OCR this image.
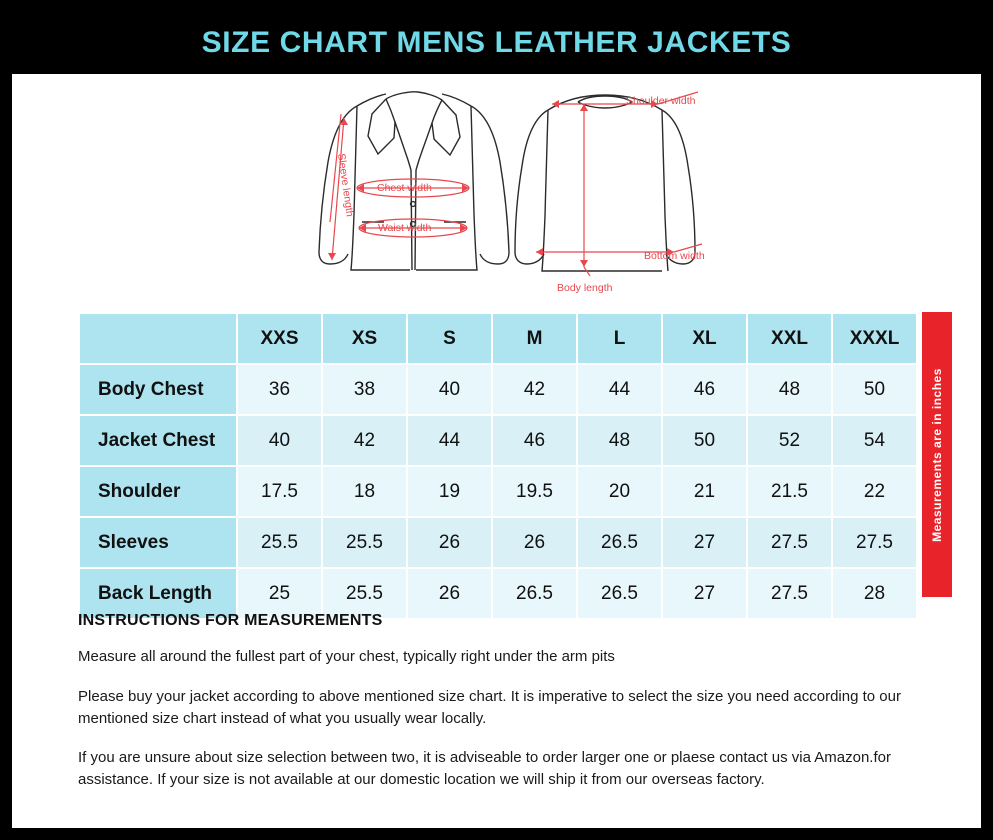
SIZE CHART MENS LEATHER JACKETS
Shoulder width
Bottom width
Body length
Chest width
Waist width
Sleeve length
	XXS	XS	S	M	L	XL	XXL	XXXL
Body Chest	36	38	40	42	44	46	48	50
Jacket Chest	40	42	44	46	48	50	52	54
Shoulder	17.5	18	19	19.5	20	21	21.5	22
Sleeves	25.5	25.5	26	26	26.5	27	27.5	27.5
Back Length	25	25.5	26	26.5	26.5	27	27.5	28
Measurements are in inches
INSTRUCTIONS FOR MEASUREMENTS

Measure all around the fullest part of your chest, typically right under the arm pits

Please buy your jacket according to above mentioned size chart. It is imperative to select the size you need according to our mentioned size chart instead of what you usually wear locally.

If you are unsure about size selection between two, it is adviseable to order larger one or plaese contact us via Amazon.for assistance. If your size is not available at our domestic location we will ship it from our overseas factory.
